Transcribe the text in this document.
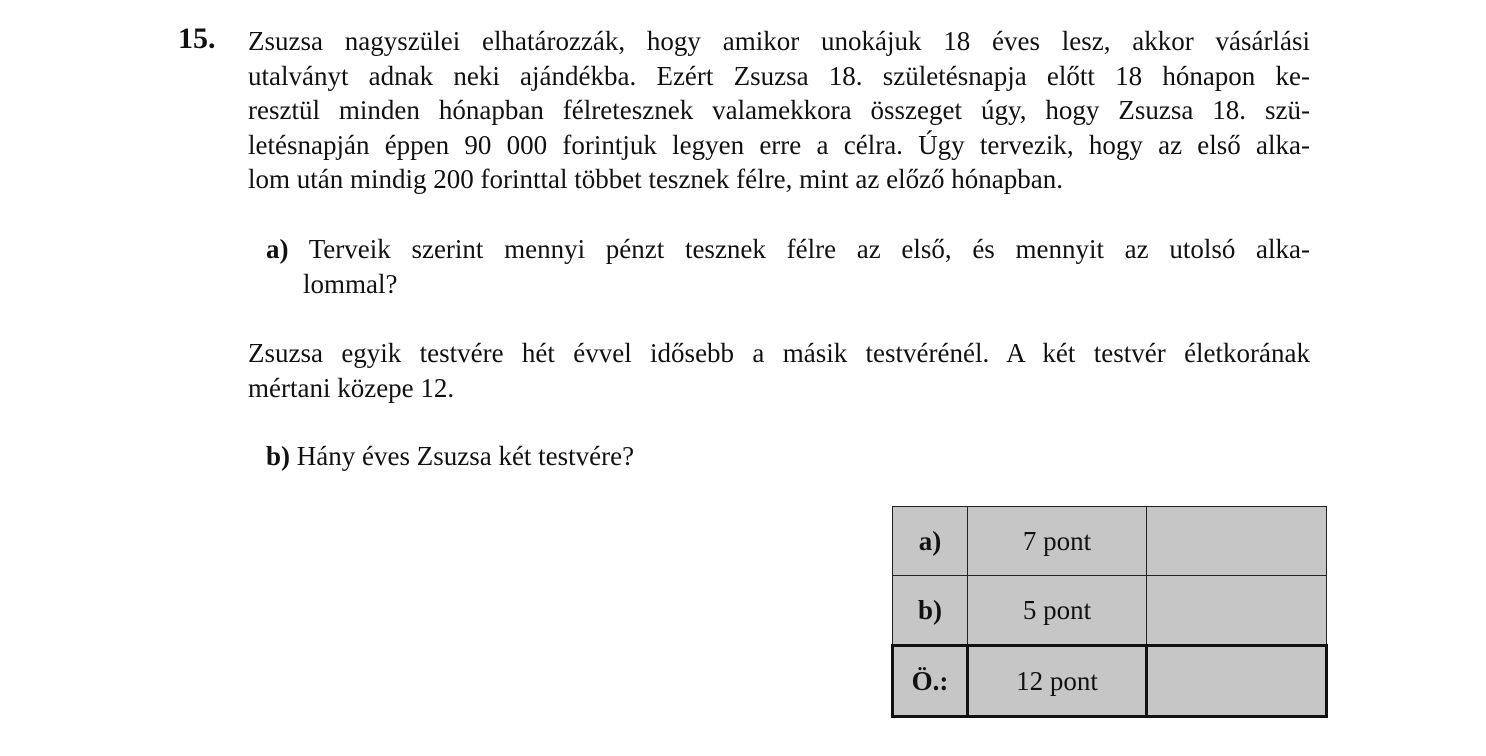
15. Zsuzsa nagyszülei elhatározzák, hogy amikor unokájuk 18 éves lesz, akkor vásárlási
utalványt adnak neki ajándékba. Ezért Zsuzsa 18. születésnapja előtt 18 hónapon ke-
resztül minden hónapban félretesznek valamekkora összeget úgy, hogy Zsuzsa 18. szü-
letésnapján éppen 90 000 forintjuk legyen erre a célra. Úgy tervezik, hogy az első alka-
lom után mindig 200 forinttal többet tesznek félre, mint az előző hónapban.
a) Terveik szerint mennyi pénzt tesznek félre az első, és mennyit az utolsó alka-
lommal?
Zsuzsa egyik testvére hét évvel idősebb a másik testvérénél. A két testvér életkorának
mértani közepe 12.
b) Hány éves Zsuzsa két testvére?
a)	7 pont	
b)	5 pont	
Ö.:	12 pont	
